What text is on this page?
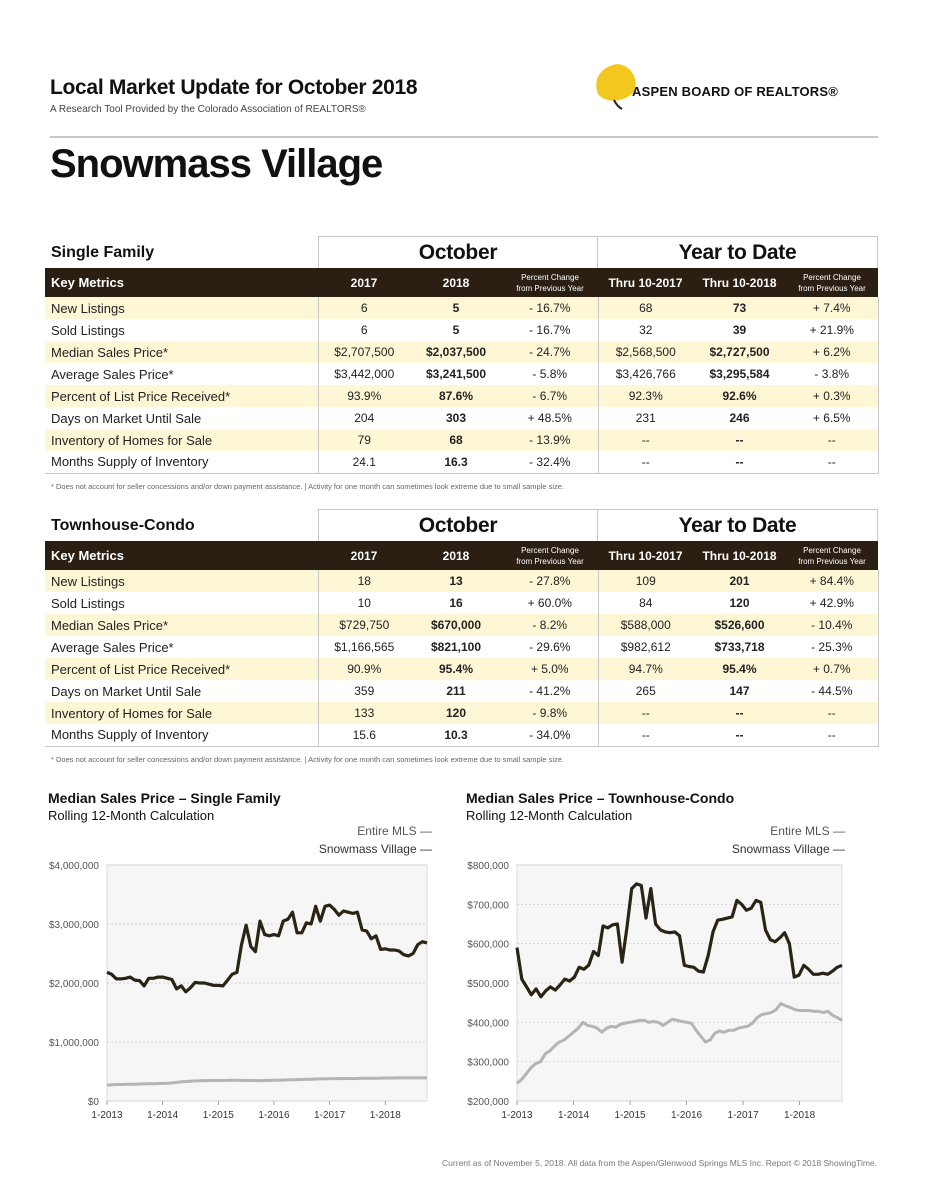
Local Market Update for October 2018
A Research Tool Provided by the Colorado Association of REALTORS®
ASPEN BOARD OF REALTORS®
Snowmass Village
Single Family	October	Year to Date
Key Metrics	2017	2018	Percent Change
from Previous Year	Thru 10-2017	Thru 10-2018	Percent Change
from Previous Year
New Listings	6	5	- 16.7%	68	73	+ 7.4%
Sold Listings	6	5	- 16.7%	32	39	+ 21.9%
Median Sales Price*	$2,707,500	$2,037,500	- 24.7%	$2,568,500	$2,727,500	+ 6.2%
Average Sales Price*	$3,442,000	$3,241,500	- 5.8%	$3,426,766	$3,295,584	- 3.8%
Percent of List Price Received*	93.9%	87.6%	- 6.7%	92.3%	92.6%	+ 0.3%
Days on Market Until Sale	204	303	+ 48.5%	231	246	+ 6.5%
Inventory of Homes for Sale	79	68	- 13.9%	--	--	--
Months Supply of Inventory	24.1	16.3	- 32.4%	--	--	--
* Does not account for seller concessions and/or down payment assistance. | Activity for one month can sometimes look extreme due to small sample size.
Townhouse-Condo	October	Year to Date
Key Metrics	2017	2018	Percent Change
from Previous Year	Thru 10-2017	Thru 10-2018	Percent Change
from Previous Year
New Listings	18	13	- 27.8%	109	201	+ 84.4%
Sold Listings	10	16	+ 60.0%	84	120	+ 42.9%
Median Sales Price*	$729,750	$670,000	- 8.2%	$588,000	$526,600	- 10.4%
Average Sales Price*	$1,166,565	$821,100	- 29.6%	$982,612	$733,718	- 25.3%
Percent of List Price Received*	90.9%	95.4%	+ 5.0%	94.7%	95.4%	+ 0.7%
Days on Market Until Sale	359	211	- 41.2%	265	147	- 44.5%
Inventory of Homes for Sale	133	120	- 9.8%	--	--	--
Months Supply of Inventory	15.6	10.3	- 34.0%	--	--	--
* Does not account for seller concessions and/or down payment assistance. | Activity for one month can sometimes look extreme due to small sample size.
Median Sales Price – Single Family
Rolling 12-Month Calculation
Entire MLS —
Snowmass Village —
$0
$1,000,000
$2,000,000
$3,000,000
$4,000,000
1-2013 1-2014 1-2015 1-2016 1-2017 1-2018
Median Sales Price – Townhouse-Condo
Rolling 12-Month Calculation
Entire MLS —
Snowmass Village —
$200,000
$300,000
$400,000
$500,000
$600,000
$700,000
$800,000
1-2013	1-2014	1-2015	1-2016	1-2017	1-2018
Current as of November 5, 2018. All data from the Aspen/Glenwood Springs MLS Inc. Report © 2018 ShowingTime.
